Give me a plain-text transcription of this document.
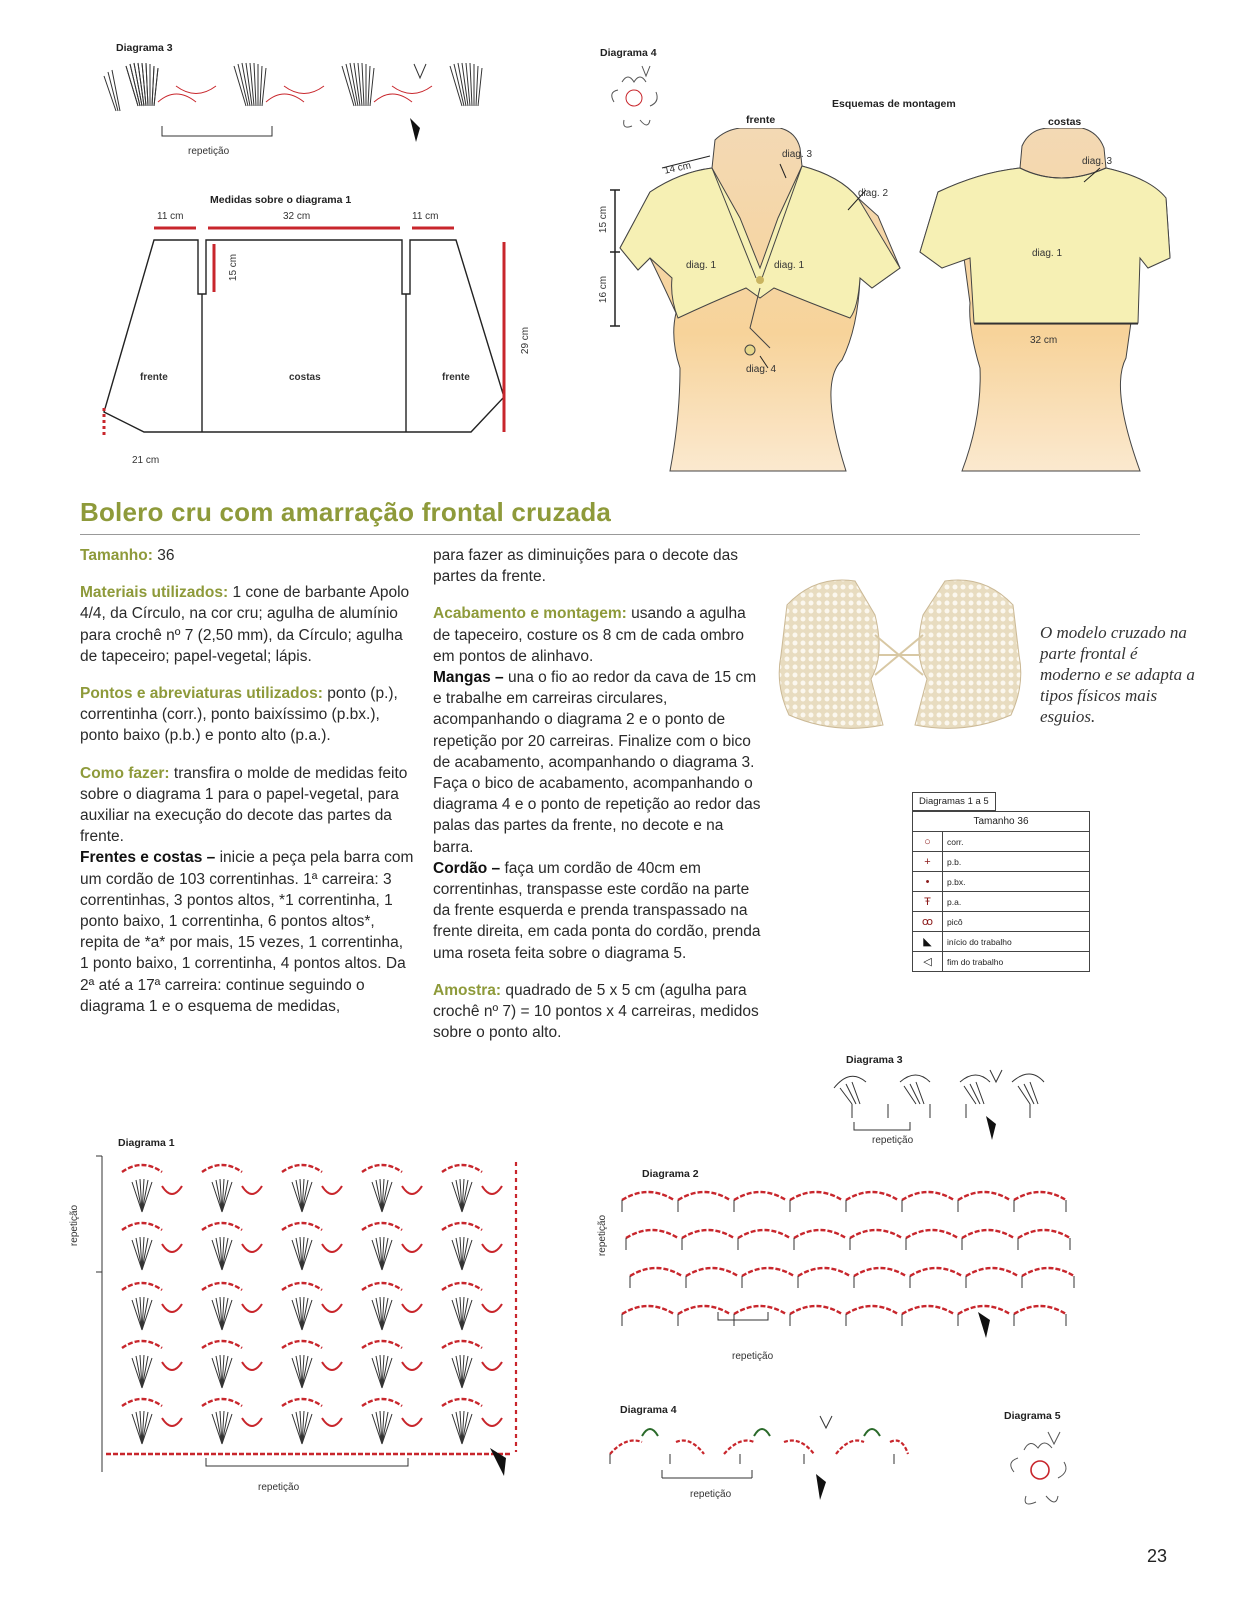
Diagrama 3
repetição
Medidas sobre o diagrama 1
11 cm	32 cm	11 cm
15 cm
29 cm
frente	costas	frente
21 cm
Diagrama 4
Esquemas de montagem
frente	costas
14 cm
15 cm
16 cm
diag. 3
diag. 2
diag. 1	diag. 1
diag. 4
diag. 3
diag. 1
32 cm
Bolero cru com amarração frontal cruzada

Tamanho: 36

Materiais utilizados: 1 cone de barbante Apolo 4/4, da Círculo, na cor cru; agulha de alumínio para crochê nº 7 (2,50 mm), da Círculo; agulha de tapeceiro; papel-vegetal; lápis.

Pontos e abreviaturas utilizados: ponto (p.), correntinha (corr.), ponto baixíssimo (p.bx.), ponto baixo (p.b.) e ponto alto (p.a.).

Como fazer: transfira o molde de medidas feito sobre o diagrama 1 para o papel-vegetal, para auxiliar na execução do decote das partes da frente.
Frentes e costas – inicie a peça pela barra com um cordão de 103 correntinhas. 1ª carreira: 3 correntinhas, 3 pontos altos, *1 correntinha, 1 ponto baixo, 1 correntinha, 6 pontos altos*, repita de *a* por mais, 15 vezes, 1 correntinha, 1 ponto baixo, 1 correntinha, 4 pontos altos. Da 2ª até a 17ª carreira: continue seguindo o diagrama 1 e o esquema de medidas,

para fazer as diminuições para o decote das partes da frente.

Acabamento e montagem: usando a agulha de tapeceiro, costure os 8 cm de cada ombro em pontos de alinhavo.
Mangas – una o fio ao redor da cava de 15 cm e trabalhe em carreiras circulares, acompanhando o diagrama 2 e o ponto de repetição por 20 carreiras. Finalize com o bico de acabamento, acompanhando o diagrama 3. Faça o bico de acabamento, acompanhando o diagrama 4 e o ponto de repetição ao redor das palas das partes da frente, no decote e na barra.
Cordão – faça um cordão de 40cm em correntinhas, transpasse este cordão na parte da frente esquerda e prenda transpassado na frente direita, em cada ponta do cordão, prenda uma roseta feita sobre o diagrama 5.

Amostra: quadrado de 5 x 5 cm (agulha para crochê nº 7) = 10 pontos x 4 carreiras, medidos sobre o ponto alto.

O modelo cruzado na parte frontal é moderno e se adapta a tipos físicos mais esguios.
Diagramas 1 a 5
Tamanho 36	
○	corr.
+	p.b.
•	p.bx.
Ŧ	p.a.
ꝏ	picô
◣	início do trabalho
◁	fim do trabalho
Diagrama 3
repetição
Diagrama 1
repetição
repetição
Diagrama 2
repetição
repetição
Diagrama 4
repetição
Diagrama 5
23
